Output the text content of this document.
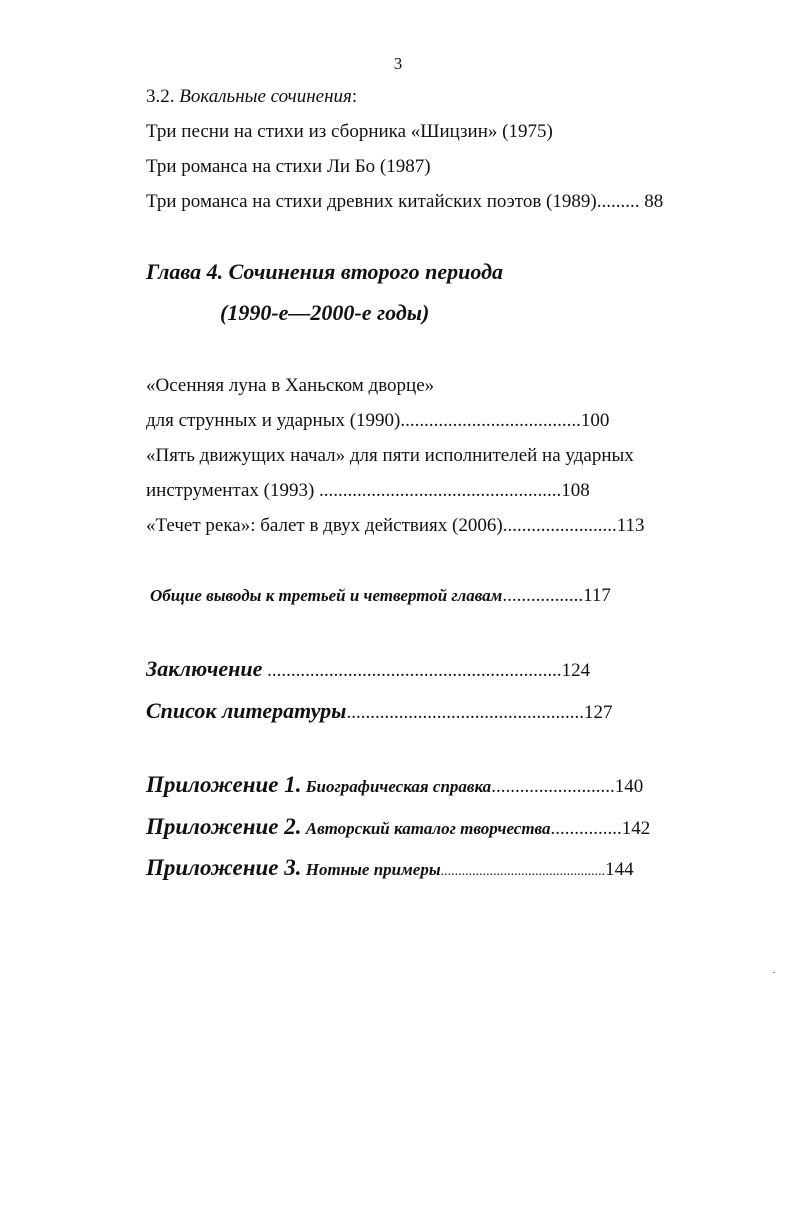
3
3.2. Вокальные сочинения:
Три песни на стихи из сборника «Шицзин» (1975)
Три романса на стихи Ли Бо (1987)
Три романса на стихи древних китайских поэтов (1989)......... 88
Глава 4. Сочинения второго периода
(1990-е—2000-е годы)
«Осенняя луна в Ханьском дворце»
для струнных и ударных (1990)......................................100
«Пять движущих начал» для пяти исполнителей на ударных
инструментах (1993) ...................................................108
«Течет река»: балет в двух действиях (2006)........................113
Общие выводы к третьей и четвертой главам.................117
Заключение ..............................................................124
Список литературы..................................................127
Приложение 1. Биографическая справка..........................140
Приложение 2. Авторский каталог творчества...............142
Приложение 3. Нотные примеры...............................................144
